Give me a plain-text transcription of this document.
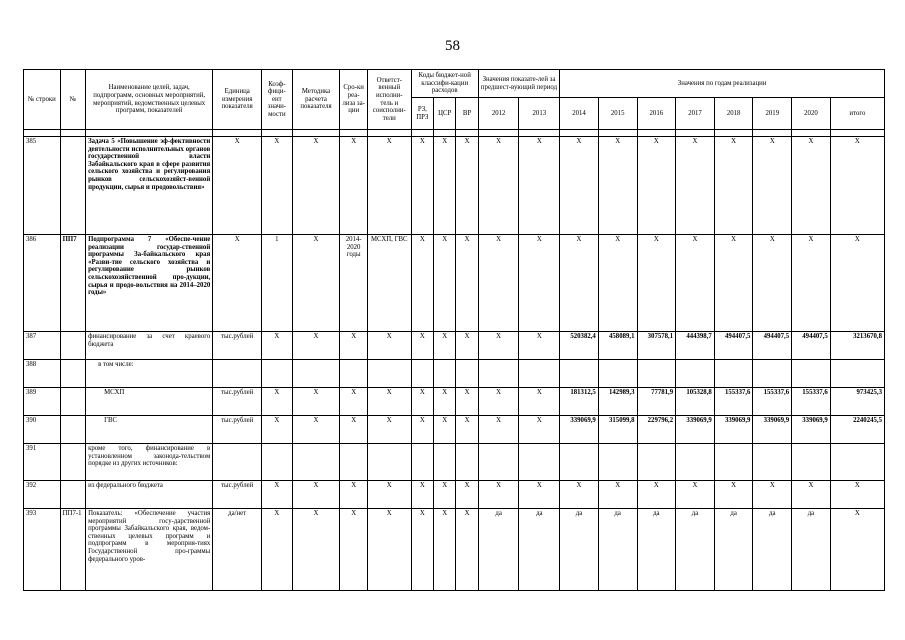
58
№ строки	№	Наименование целей, задач, подпрограмм, основных мероприятий, мероприятий, ведомственных целевых программ, показателей	Единица измерения показателя	Коэф-фици-ент значи-мости	Методика расчета показателя	Сро-ки реа-лиза за-ции	Ответст-венный исполни-тель и соисполни-тели	Коды бюджет-ной классифи-кации расходов			Значения показате-лей за предшест-вующий период		Значения по годам реализации							
								РЗ, ПРЗ	ЦСР	ВР	2012	2013	2014	2015	2016	2017	2018	2019	2020	итого

385		Задача 5 «Повышение эф-фективности деятельности исполнительных органов государственной власти Забайкальского края в сфере развития сельского хозяйства и регулирования рынков сельскохозяйст-венной продукции, сырья и продовольствия»	X	X	X	X	X	X	X	X	X	X	X	X	X	X	X	X	X	X
386	ПП7	Подпрограмма 7 «Обеспе-чение реализации государ-ственной программы За-байкальского края «Разви-тие сельского хозяйства и регулирование рынков сельскохозяйственной про-дукции, сырья и продо-вольствия на 2014–2020 годы»	X	1	X	2014-2020 годы	МСХП, ГВС	X	X	X	X	X	X	X	X	X	X	X	X	X
387		финансирование за счет краевого бюджета	тыс.рублей	X	X	X	X	X	X	X	X	X	520382,4	458089,1	307578,1	444398,7	494407,5	494407,5	494407,5	3213670,8
388		в том числе:																		
389		МСХП	тыс.рублей	X	X	X	X	X	X	X	X	X	181312,5	142989,3	77781,9	105328,8	155337,6	155337,6	155337,6	973425,3
390		ГВС	тыс.рублей	X	X	X	X	X	X	X	X	X	339069,9	315099,8	229796,2	339069,9	339069,9	339069,9	339069,9	2240245,5
391		кроме того, финансирование в установленном законода-тельством порядке из других источников:																		
392		из федерального бюджета	тыс.рублей	X	X	X	X	X	X	X	X	X	X	X	X	X	X	X	X	X
393	ПП7-1	Показатель: «Обеспечение участия мероприятий госу-дарственной программы Забайкальского края, ведом-ственных целевых программ и подпрограмм в мероприя-тиях Государственной про-граммы федерального уров-	да/нет	X	X	X	X	X	X	X	да	да	да	да	да	да	да	да	да	X
